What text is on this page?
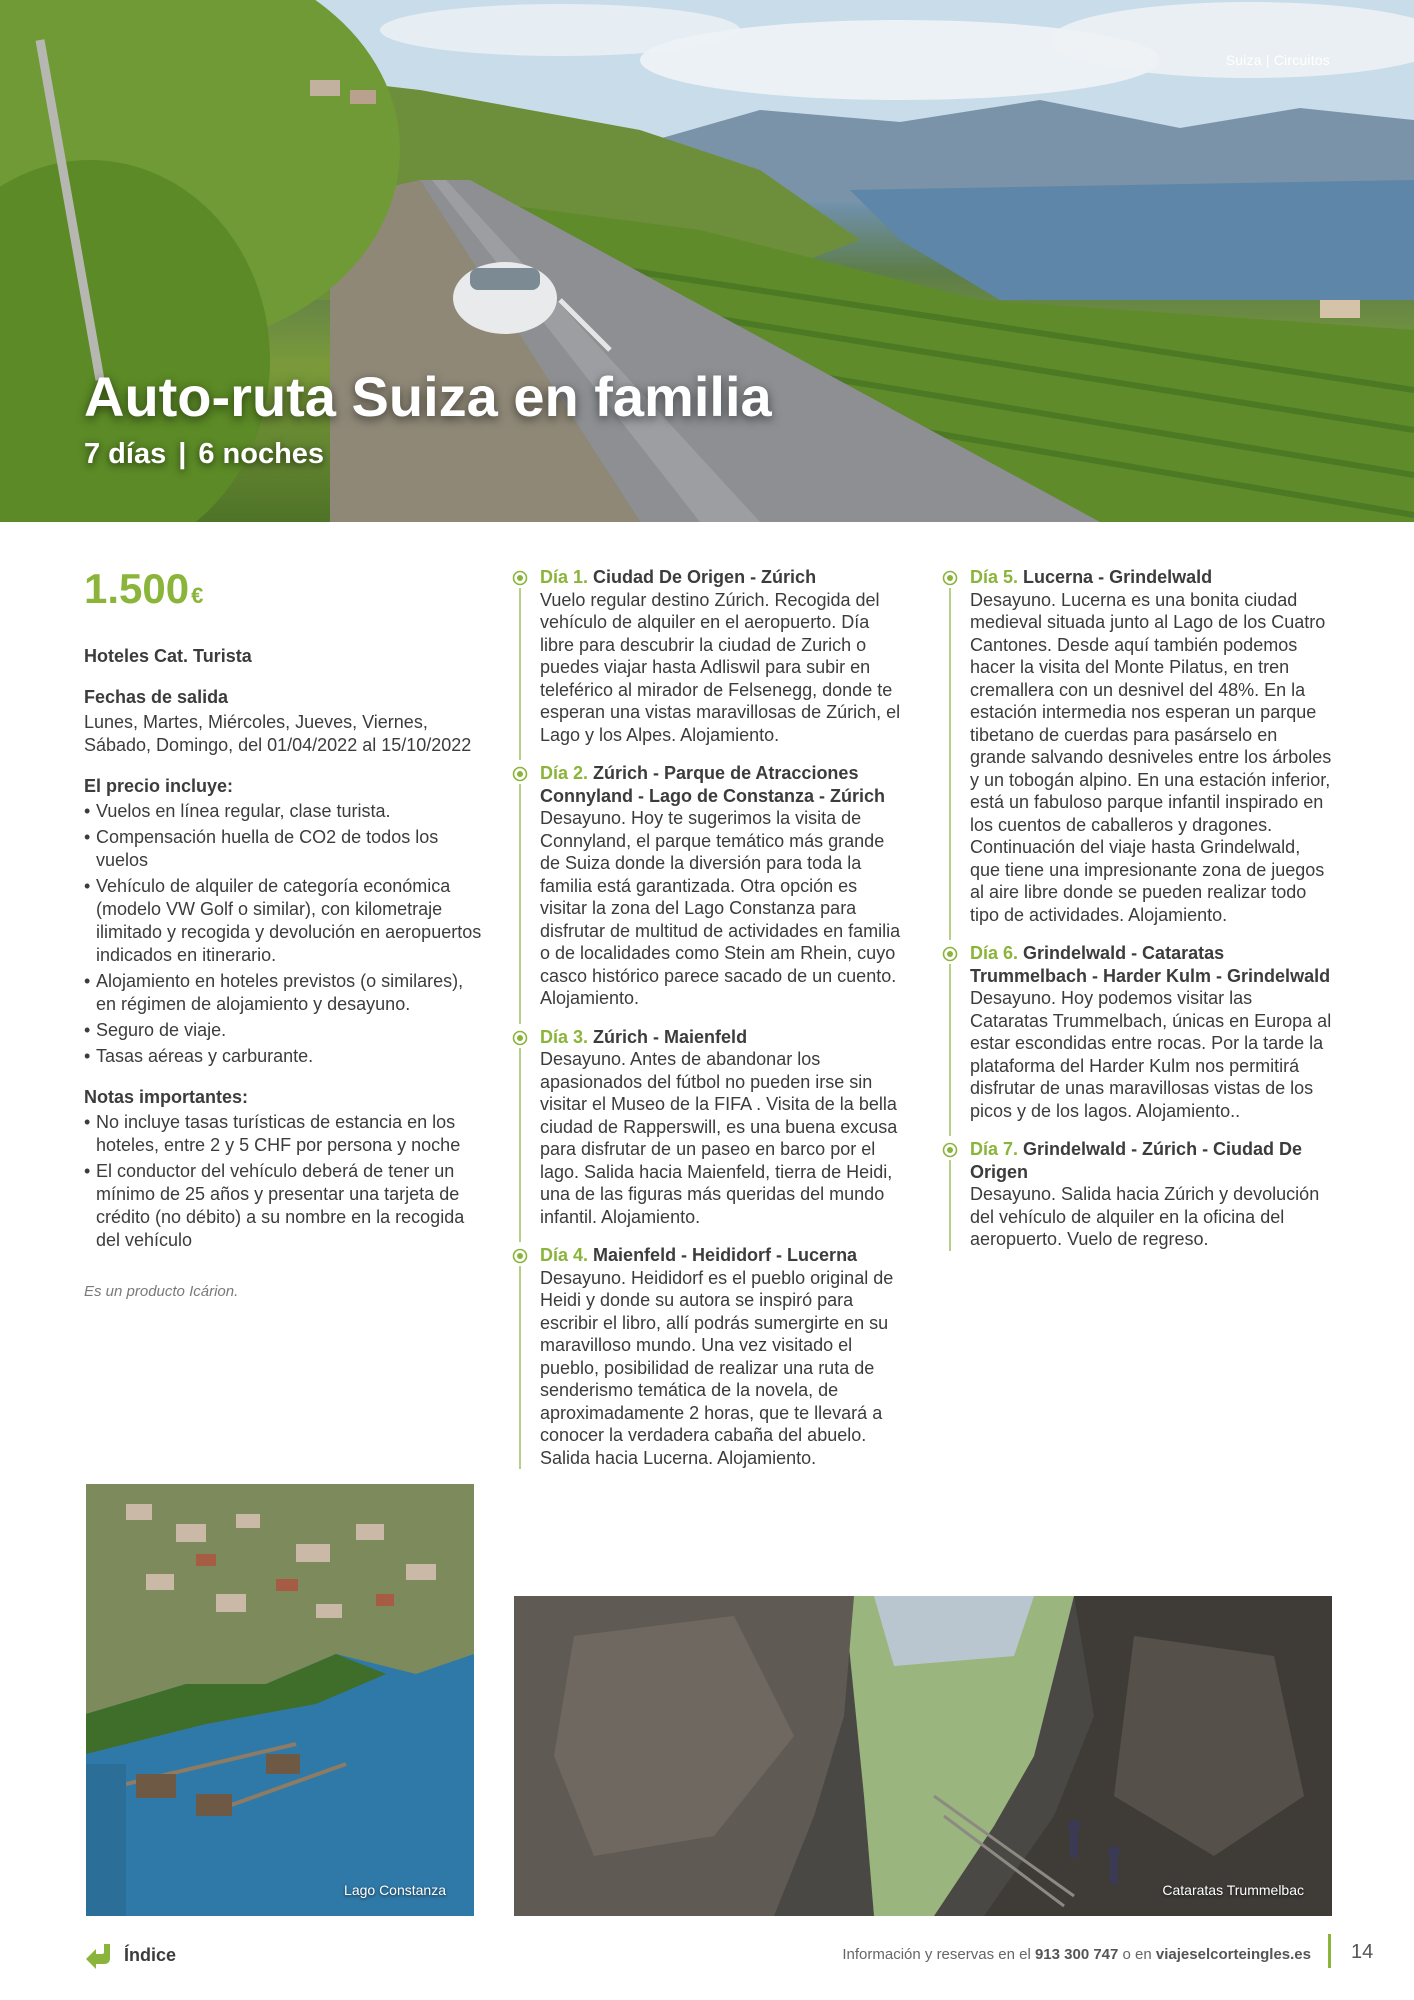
Suiza | Circuitos
Auto-ruta Suiza en familia
7 días | 6 noches
1.500€
Hoteles Cat. Turista
Fechas de salida

Lunes, Martes, Miércoles, Jueves, Viernes, Sábado, Domingo, del 01/04/2022 al 15/10/2022

El precio incluye:
• Vuelos en línea regular, clase turista.
• Compensación huella de CO2 de todos los vuelos
• Vehículo de alquiler de categoría económica (modelo VW Golf o similar), con kilometraje ilimitado y recogida y devolución en aeropuertos indicados en itinerario.
• Alojamiento en hoteles previstos (o similares), en régimen de alojamiento y desayuno.
• Seguro de viaje.
• Tasas aéreas y carburante.
Notas importantes:
• No incluye tasas turísticas de estancia en los hoteles, entre 2 y 5 CHF por persona y noche
• El conductor del vehículo deberá de tener un mínimo de 25 años y presentar una tarjeta de crédito (no débito) a su nombre en la recogida del vehículo
Es un producto Icárion.
Día 1. Ciudad De Origen - Zúrich
Vuelo regular destino Zúrich. Recogida del vehículo de alquiler en el aeropuerto. Día libre para descubrir la ciudad de Zurich o puedes viajar hasta Adliswil para subir en teleférico al mirador de Felsenegg, donde te esperan una vistas maravillosas de Zúrich, el Lago y los Alpes. Alojamiento.
Día 2. Zúrich - Parque de Atracciones Connyland - Lago de Constanza - Zúrich
Desayuno. Hoy te sugerimos la visita de Connyland, el parque temático más grande de Suiza donde la diversión para toda la familia está garantizada. Otra opción es visitar la zona del Lago Constanza para disfrutar de multitud de actividades en familia o de localidades como Stein am Rhein, cuyo casco histórico parece sacado de un cuento. Alojamiento.
Día 3. Zúrich - Maienfeld
Desayuno. Antes de abandonar los apasionados del fútbol no pueden irse sin visitar el Museo de la FIFA . Visita de la bella ciudad de Rapperswill, es una buena excusa para disfrutar de un paseo en barco por el lago. Salida hacia Maienfeld, tierra de Heidi, una de las figuras más queridas del mundo infantil. Alojamiento.
Día 4. Maienfeld - Heididorf - Lucerna
Desayuno. Heididorf es el pueblo original de Heidi y donde su autora se inspiró para escribir el libro, allí podrás sumergirte en su maravilloso mundo. Una vez visitado el pueblo, posibilidad de realizar una ruta de senderismo temática de la novela, de aproximadamente 2 horas, que te llevará a conocer la verdadera cabaña del abuelo. Salida hacia Lucerna. Alojamiento.
Día 5. Lucerna - Grindelwald
Desayuno. Lucerna es una bonita ciudad medieval situada junto al Lago de los Cuatro Cantones. Desde aquí también podemos hacer la visita del Monte Pilatus, en tren cremallera con un desnivel del 48%. En la estación intermedia nos esperan un parque tibetano de cuerdas para pasárselo en grande salvando desniveles entre los árboles y un tobogán alpino. En una estación inferior, está un fabuloso parque infantil inspirado en los cuentos de caballeros y dragones. Continuación del viaje hasta Grindelwald, que tiene una impresionante zona de juegos al aire libre donde se pueden realizar todo tipo de actividades. Alojamiento.
Día 6. Grindelwald - Cataratas Trummelbach - Harder Kulm - Grindelwald
Desayuno. Hoy podemos visitar las Cataratas Trummelbach, únicas en Europa al estar escondidas entre rocas. Por la tarde la plataforma del Harder Kulm nos permitirá disfrutar de unas maravillosas vistas de los picos y de los lagos. Alojamiento..
Día 7. Grindelwald - Zúrich - Ciudad De Origen
Desayuno. Salida hacia Zúrich y devolución del vehículo de alquiler en la oficina del aeropuerto. Vuelo de regreso.
Lago Constanza	Cataratas Trummelbac
Índice	Información y reservas en el 913 300 747 o en viajeselcorteingles.es 14
